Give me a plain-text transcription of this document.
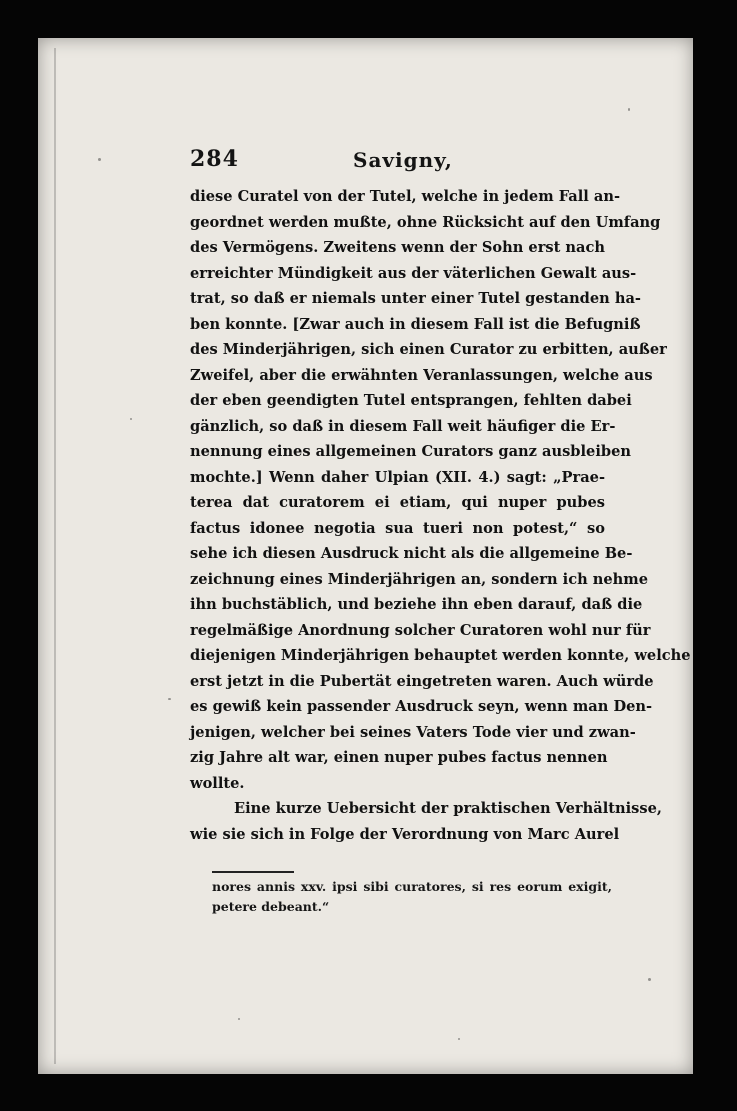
284	Savigny,
diese Curatel von der Tutel, welche in jedem Fall an-
geordnet werden mußte, ohne Rücksicht auf den Umfang
des Vermögens. Zweitens wenn der Sohn erst nach
erreichter Mündigkeit aus der väterlichen Gewalt aus-
trat, so daß er niemals unter einer Tutel gestanden ha-
ben konnte. [Zwar auch in diesem Fall ist die Befugniß
des Minderjährigen, sich einen Curator zu erbitten, außer
Zweifel, aber die erwähnten Veranlassungen, welche aus
der eben geendigten Tutel entsprangen, fehlten dabei
gänzlich, so daß in diesem Fall weit häufiger die Er-
nennung eines allgemeinen Curators ganz ausbleiben
mochte.] Wenn daher Ulpian (XII. 4.) sagt: „Prae-
terea dat curatorem ei etiam, qui nuper pubes
factus idonee negotia sua tueri non potest,“ so
sehe ich diesen Ausdruck nicht als die allgemeine Be-
zeichnung eines Minderjährigen an, sondern ich nehme
ihn buchstäblich, und beziehe ihn eben darauf, daß die
regelmäßige Anordnung solcher Curatoren wohl nur für
diejenigen Minderjährigen behauptet werden konnte, welche
erst jetzt in die Pubertät eingetreten waren. Auch würde
es gewiß kein passender Ausdruck seyn, wenn man Den-
jenigen, welcher bei seines Vaters Tode vier und zwan-
zig Jahre alt war, einen nuper pubes factus nennen
wollte.
Eine kurze Uebersicht der praktischen Verhältnisse,
wie sie sich in Folge der Verordnung von Marc Aurel
nores annis xxv. ipsi sibi curatores, si res eorum exigit,
petere debeant.“
